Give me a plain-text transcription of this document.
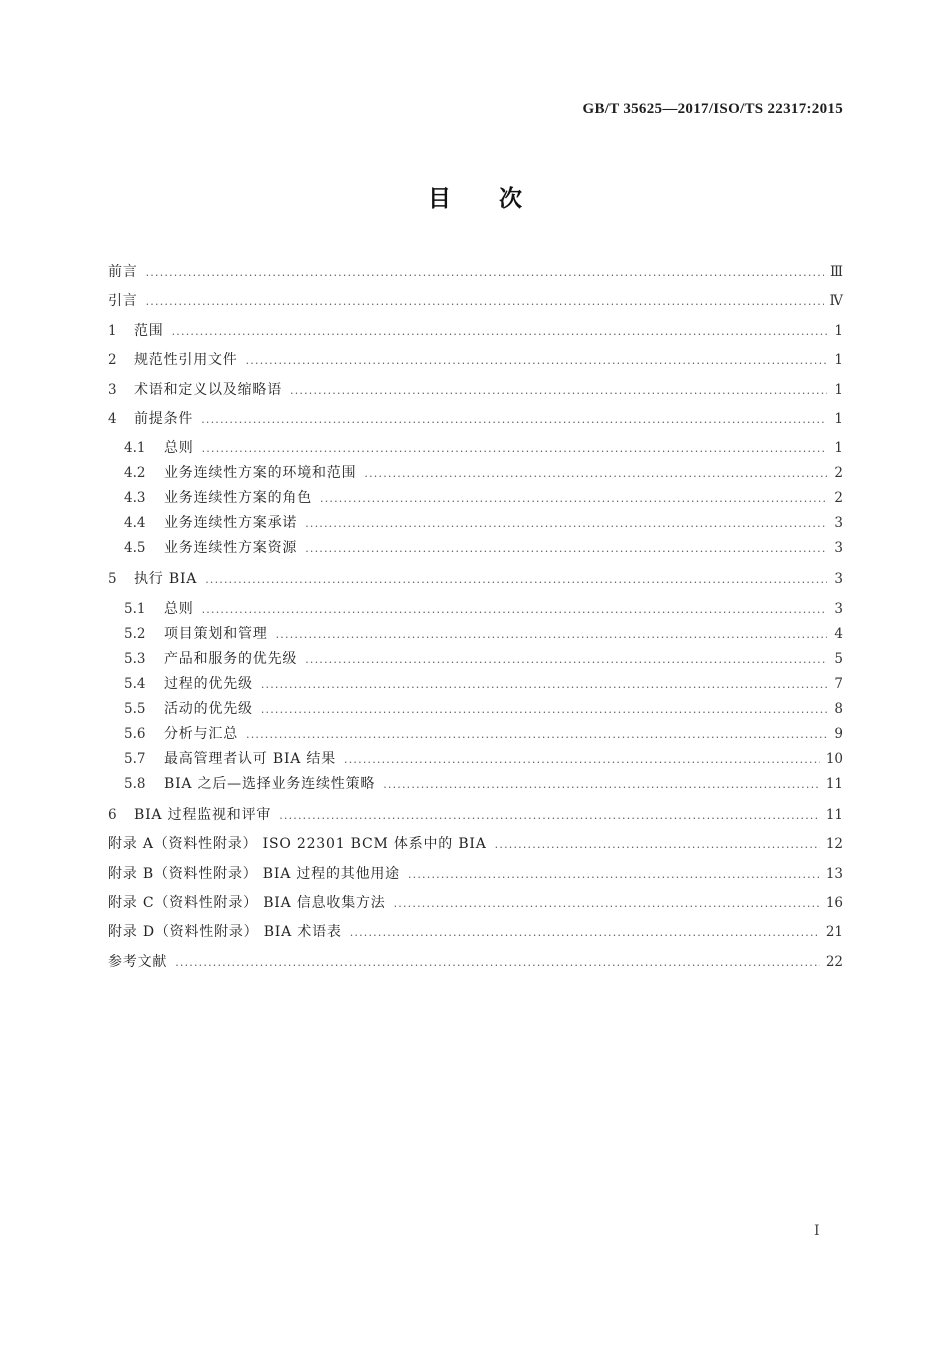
GB/T 35625—2017/ISO/TS 22317:2015
目次
前言 .....	Ⅲ
引言 .....	Ⅳ
1	范围 .....	1
2	规范性引用文件 .....	1
3	术语和定义以及缩略语 .....	1
4	前提条件 .....	1
4.1	总则 .....	1
4.2	业务连续性方案的环境和范围 .....	2
4.3	业务连续性方案的角色 .....	2
4.4	业务连续性方案承诺 .....	3
4.5	业务连续性方案资源 .....	3
5	执行 BIA .....	3
5.1	总则 .....	3
5.2	项目策划和管理 .....	4
5.3	产品和服务的优先级 .....	5
5.4	过程的优先级 .....	7
5.5	活动的优先级 .....	8
5.6	分析与汇总 .....	9
5.7	最高管理者认可 BIA 结果 .....	10
5.8	BIA 之后—选择业务连续性策略 .....	11
6	BIA 过程监视和评审 .....	11
附录 A（资料性附录） ISO 22301 BCM 体系中的 BIA .....	12
附录 B（资料性附录） BIA 过程的其他用途 .....	13
附录 C（资料性附录） BIA 信息收集方法 .....	16
附录 D（资料性附录） BIA 术语表 .....	21
参考文献 .....	22
I
